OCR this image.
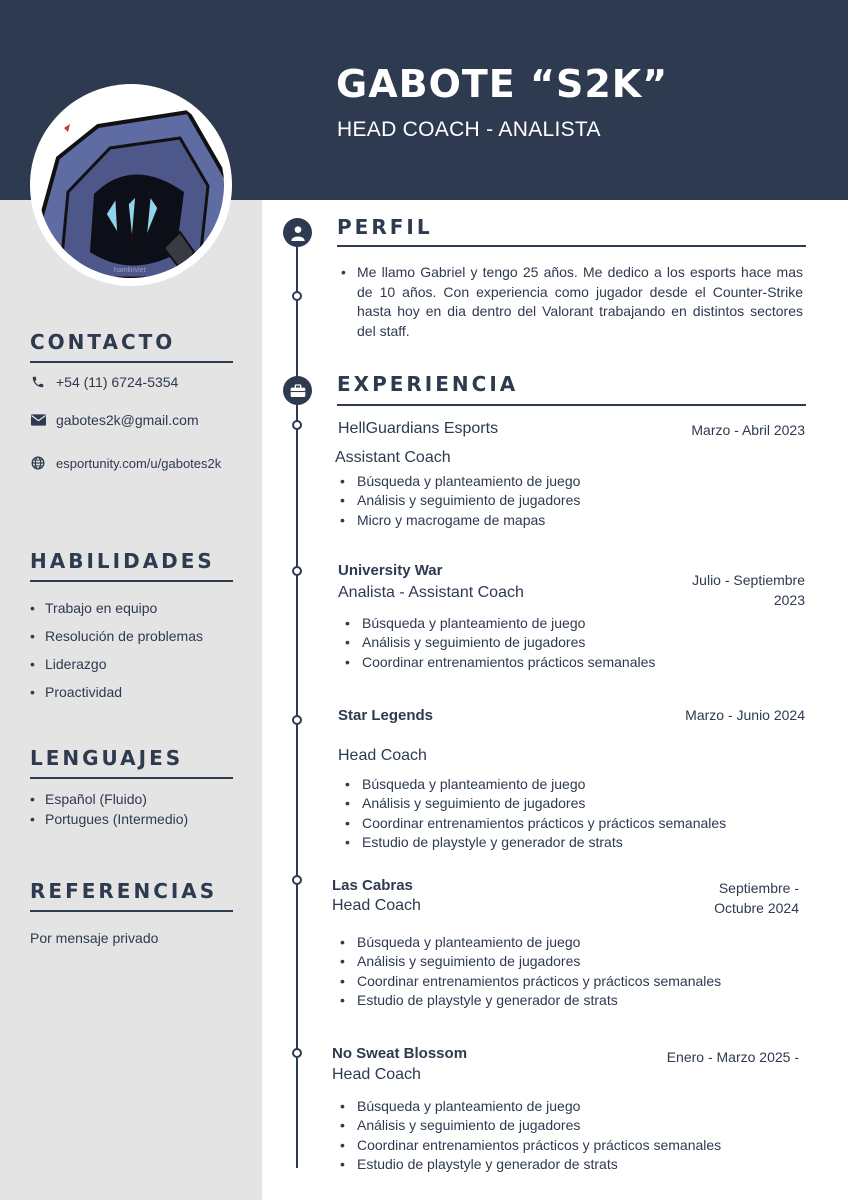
GABOTE “S2K”
HEAD COACH - ANALISTA
hamlinviet
CONTACTO
+54 (11) 6724-5354
gabotes2k@gmail.com
esportunity.com/u/gabotes2k
HABILIDADES
• Trabajo en equipo
• Resolución de problemas
• Liderazgo
• Proactividad
LENGUAJES
• Español (Fluido)
• Portugues (Intermedio)
REFERENCIAS
Por mensaje privado
PERFIL
• Me llamo Gabriel y tengo 25 años. Me dedico a los esports hace mas de 10 años. Con experiencia como jugador desde el Counter-Strike hasta hoy en dia dentro del Valorant trabajando en distintos sectores del staff.

EXPERIENCIA
HellGuardians Esports	Marzo - Abril 2023
Assistant Coach
• Búsqueda y planteamiento de juego
• Análisis y seguimiento de jugadores
• Micro y macrogame de mapas
University War
Julio - Septiembre
2023
Analista - Assistant Coach
• Búsqueda y planteamiento de juego
• Análisis y seguimiento de jugadores
• Coordinar entrenamientos prácticos semanales
Star Legends	Marzo - Junio 2024
Head Coach
• Búsqueda y planteamiento de juego
• Análisis y seguimiento de jugadores
• Coordinar entrenamientos prácticos y prácticos semanales
• Estudio de playstyle y generador de strats
Las Cabras	Septiembre -
Octubre 2024
Head Coach
• Búsqueda y planteamiento de juego
• Análisis y seguimiento de jugadores
• Coordinar entrenamientos prácticos y prácticos semanales
• Estudio de playstyle y generador de strats
No Sweat Blossom	Enero - Marzo 2025 -
Head Coach
• Búsqueda y planteamiento de juego
• Análisis y seguimiento de jugadores
• Coordinar entrenamientos prácticos y prácticos semanales
• Estudio de playstyle y generador de strats
